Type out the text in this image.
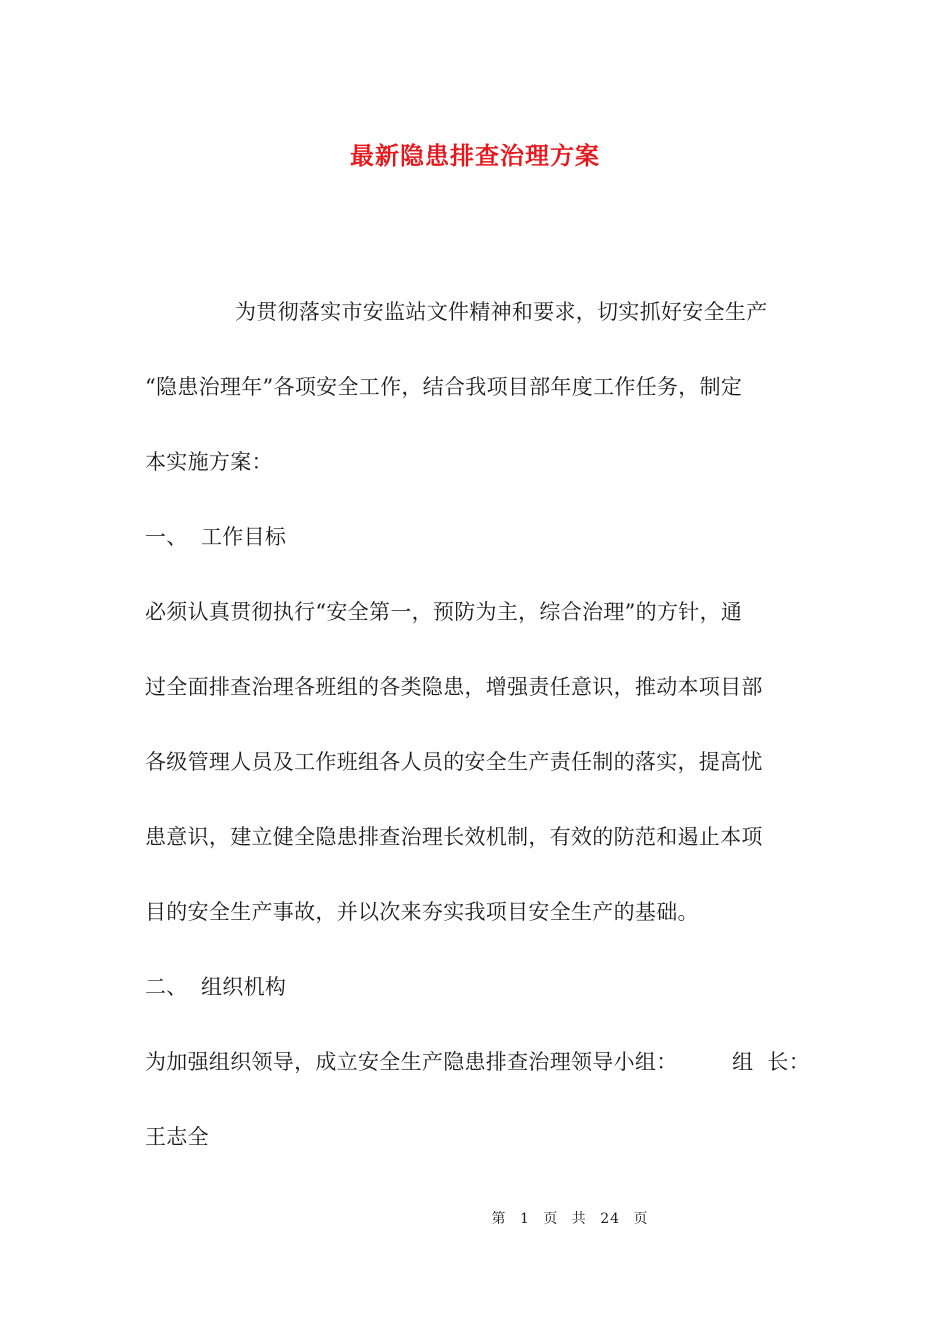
最新隐患排查治理方案
为贯彻落实市安监站文件精神和要求，切实抓好安全生产
“隐患治理年”各项安全工作，结合我项目部年度工作任务，制定
本实施方案：
一、 工作目标
必须认真贯彻执行“安全第一，预防为主，综合治理”的方针，通
过全面排查治理各班组的各类隐患，增强责任意识，推动本项目部
各级管理人员及工作班组各人员的安全生产责任制的落实，提高忧
患意识，建立健全隐患排查治理长效机制，有效的防范和遏止本项
目的安全生产事故，并以次来夯实我项目安全生产的基础。
二、 组织机构
为加强组织领导，成立安全生产隐患排查治理领导小组：	组  长：
王志全
第 1 页 共 24 页
